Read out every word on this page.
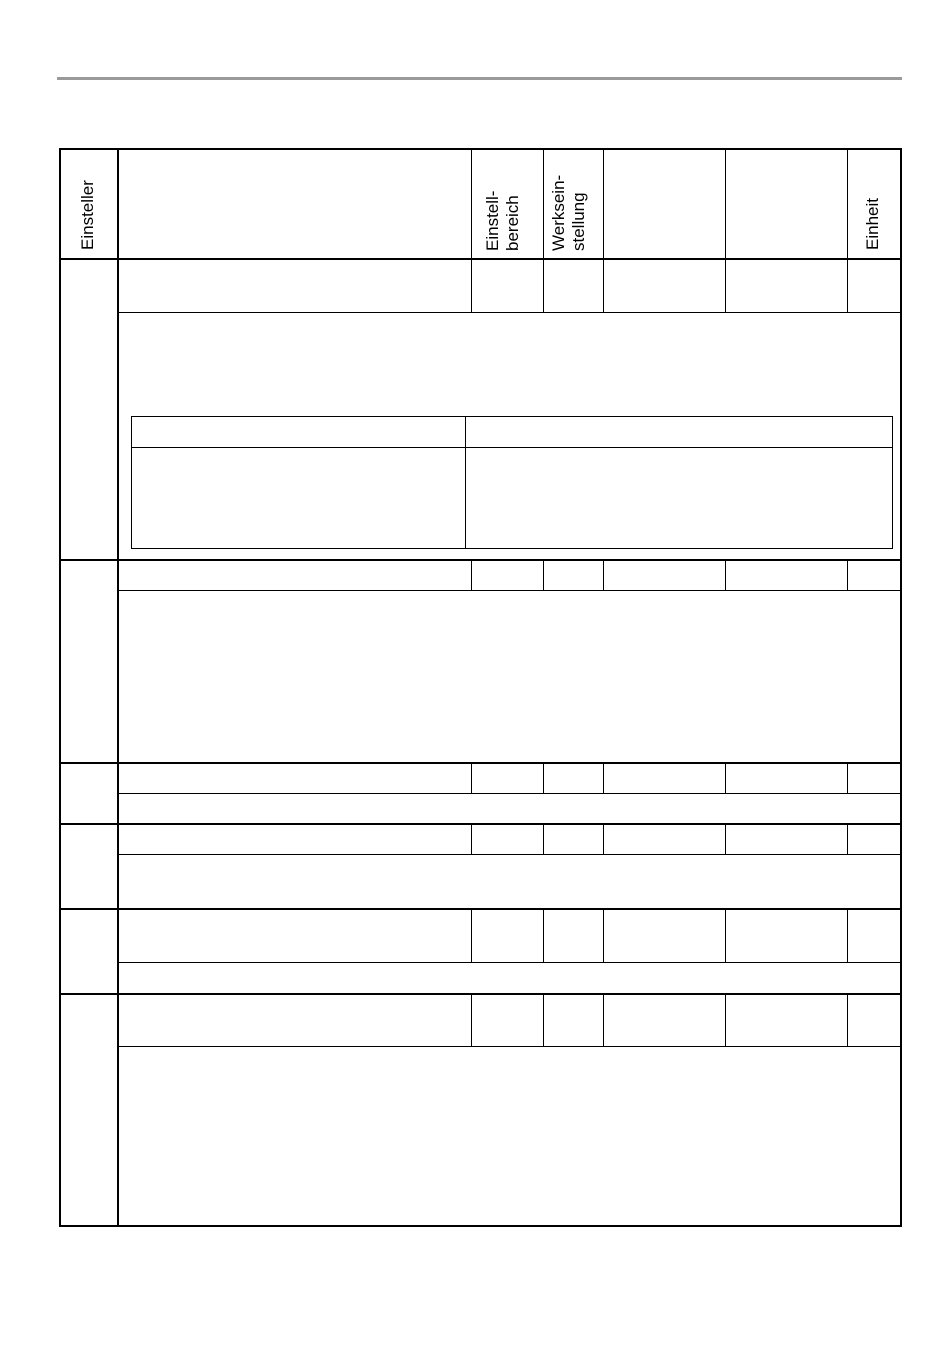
Einsteller	Einstell- bereich Werksein- stellung	Einheit
